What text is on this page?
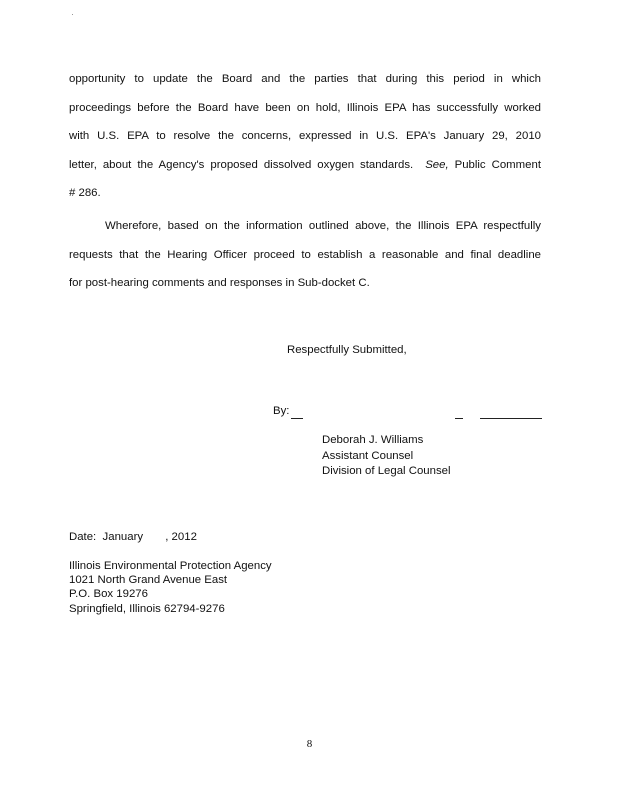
·
opportunity to update the Board and the parties that during this period in which
proceedings before the Board have been on hold, Illinois EPA has successfully worked
with U.S. EPA to resolve the concerns, expressed in U.S. EPA's January 29, 2010
letter, about the Agency's proposed dissolved oxygen standards. See, Public Comment
# 286.
Wherefore, based on the information outlined above, the Illinois EPA respectfully
requests that the Hearing Officer proceed to establish a reasonable and final deadline
for post-hearing comments and responses in Sub-docket C.
Respectfully Submitted,
By:
Deborah J. Williams
Assistant Counsel
Division of Legal Counsel
Date:  January       , 2012
Illinois Environmental Protection Agency
1021 North Grand Avenue East
P.O. Box 19276
Springfield, Illinois 62794-9276
8
